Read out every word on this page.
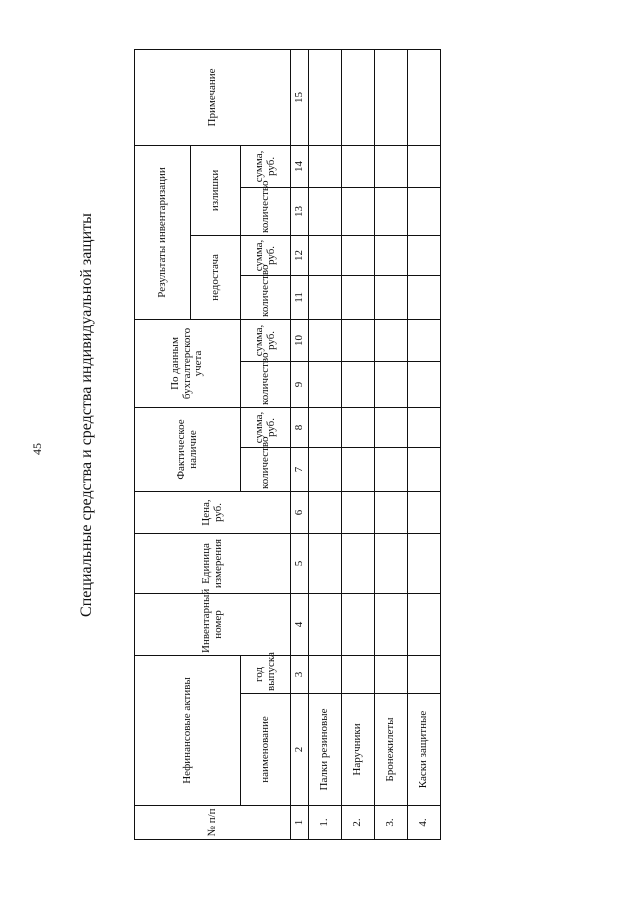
45 Специальные средства и средства индивидуальной защиты
№ п/п	Нефинансовые активы		Инвентарный номер	Единица измерения	Цена, руб.	Фактическое наличие		По данным бухгалтерского учета		Результаты инвентаризации				Примечание
										недостача		излишки		
	наименование	год выпуска				количество	сумма, руб.	количество	сумма, руб.	количество	сумма, руб.	количество	сумма, руб.	
1	2	3	4	5	6	7	8	9	10	11	12	13	14	15
1.	Палки резиновые													
2.	Наручники													
3.	Бронежилеты													
4.	Каски защитные													
